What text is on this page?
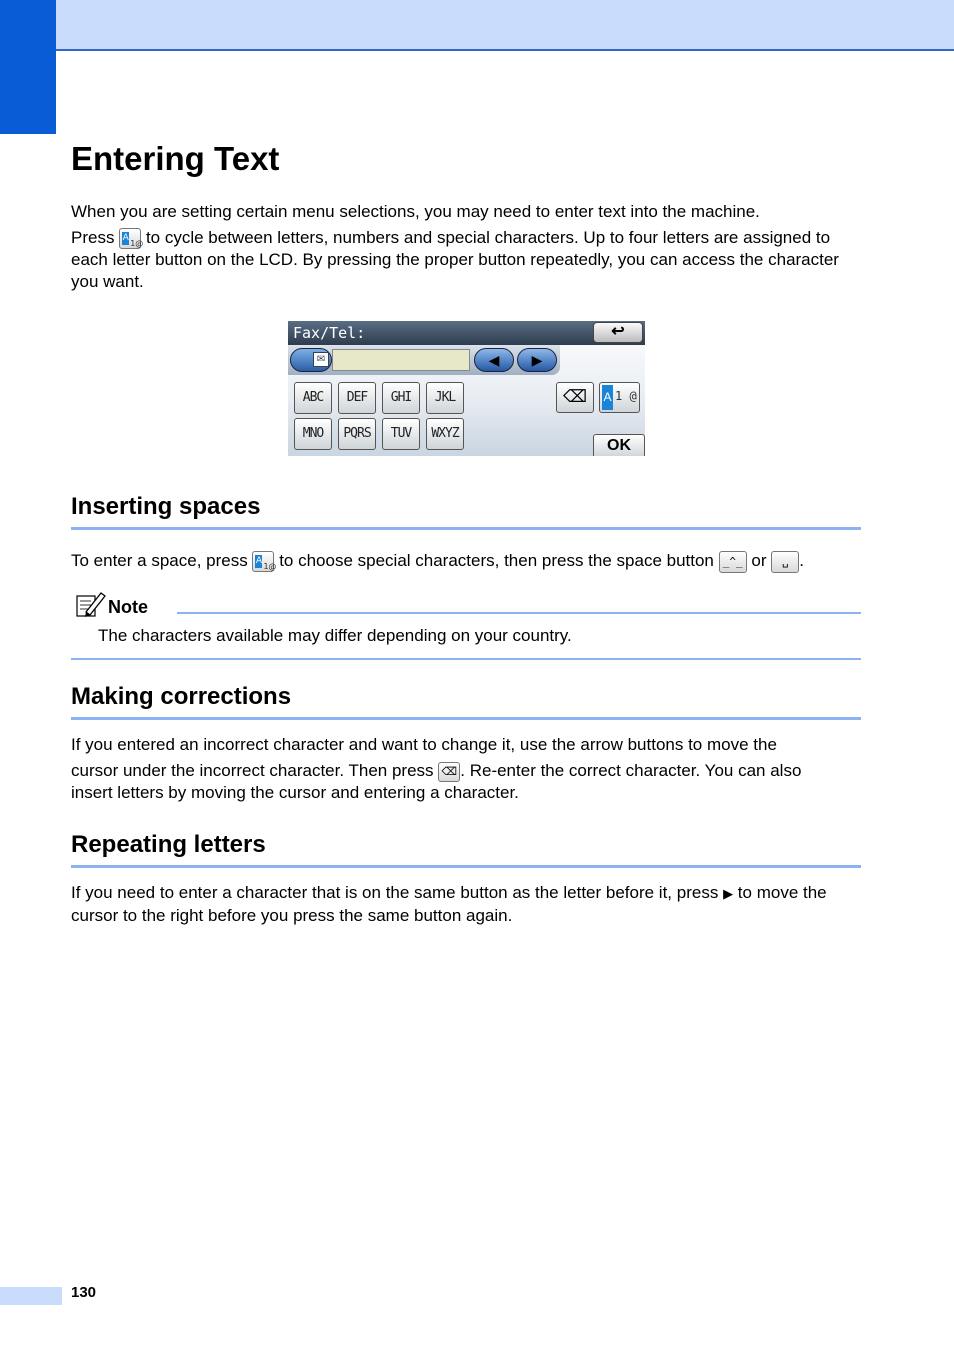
Entering Text

When you are setting certain menu selections, you may need to enter text into the machine.

Press A
1@ to cycle between letters, numbers and special characters. Up to four letters are assigned to each letter button on the LCD. By pressing the proper button repeatedly, you can access the character you want.

Fax/Tel:	↩
✉	◀	▶
ABC	DEF	GHI	JKL
MNO	PQRS	TUV	WXYZ
⌫	A 1 @
OK
Inserting spaces

To enter a space, press A
1@ to choose special characters, then press the space button _^_ or ␣ .

Note

The characters available may differ depending on your country.

Making corrections

If you entered an incorrect character and want to change it, use the arrow buttons to move the

cursor under the incorrect character. Then press ⌫ . Re-enter the correct character. You can also

insert letters by moving the cursor and entering a character.

Repeating letters

If you need to enter a character that is on the same button as the letter before it, press ▶ to move the cursor to the right before you press the same button again.

130
